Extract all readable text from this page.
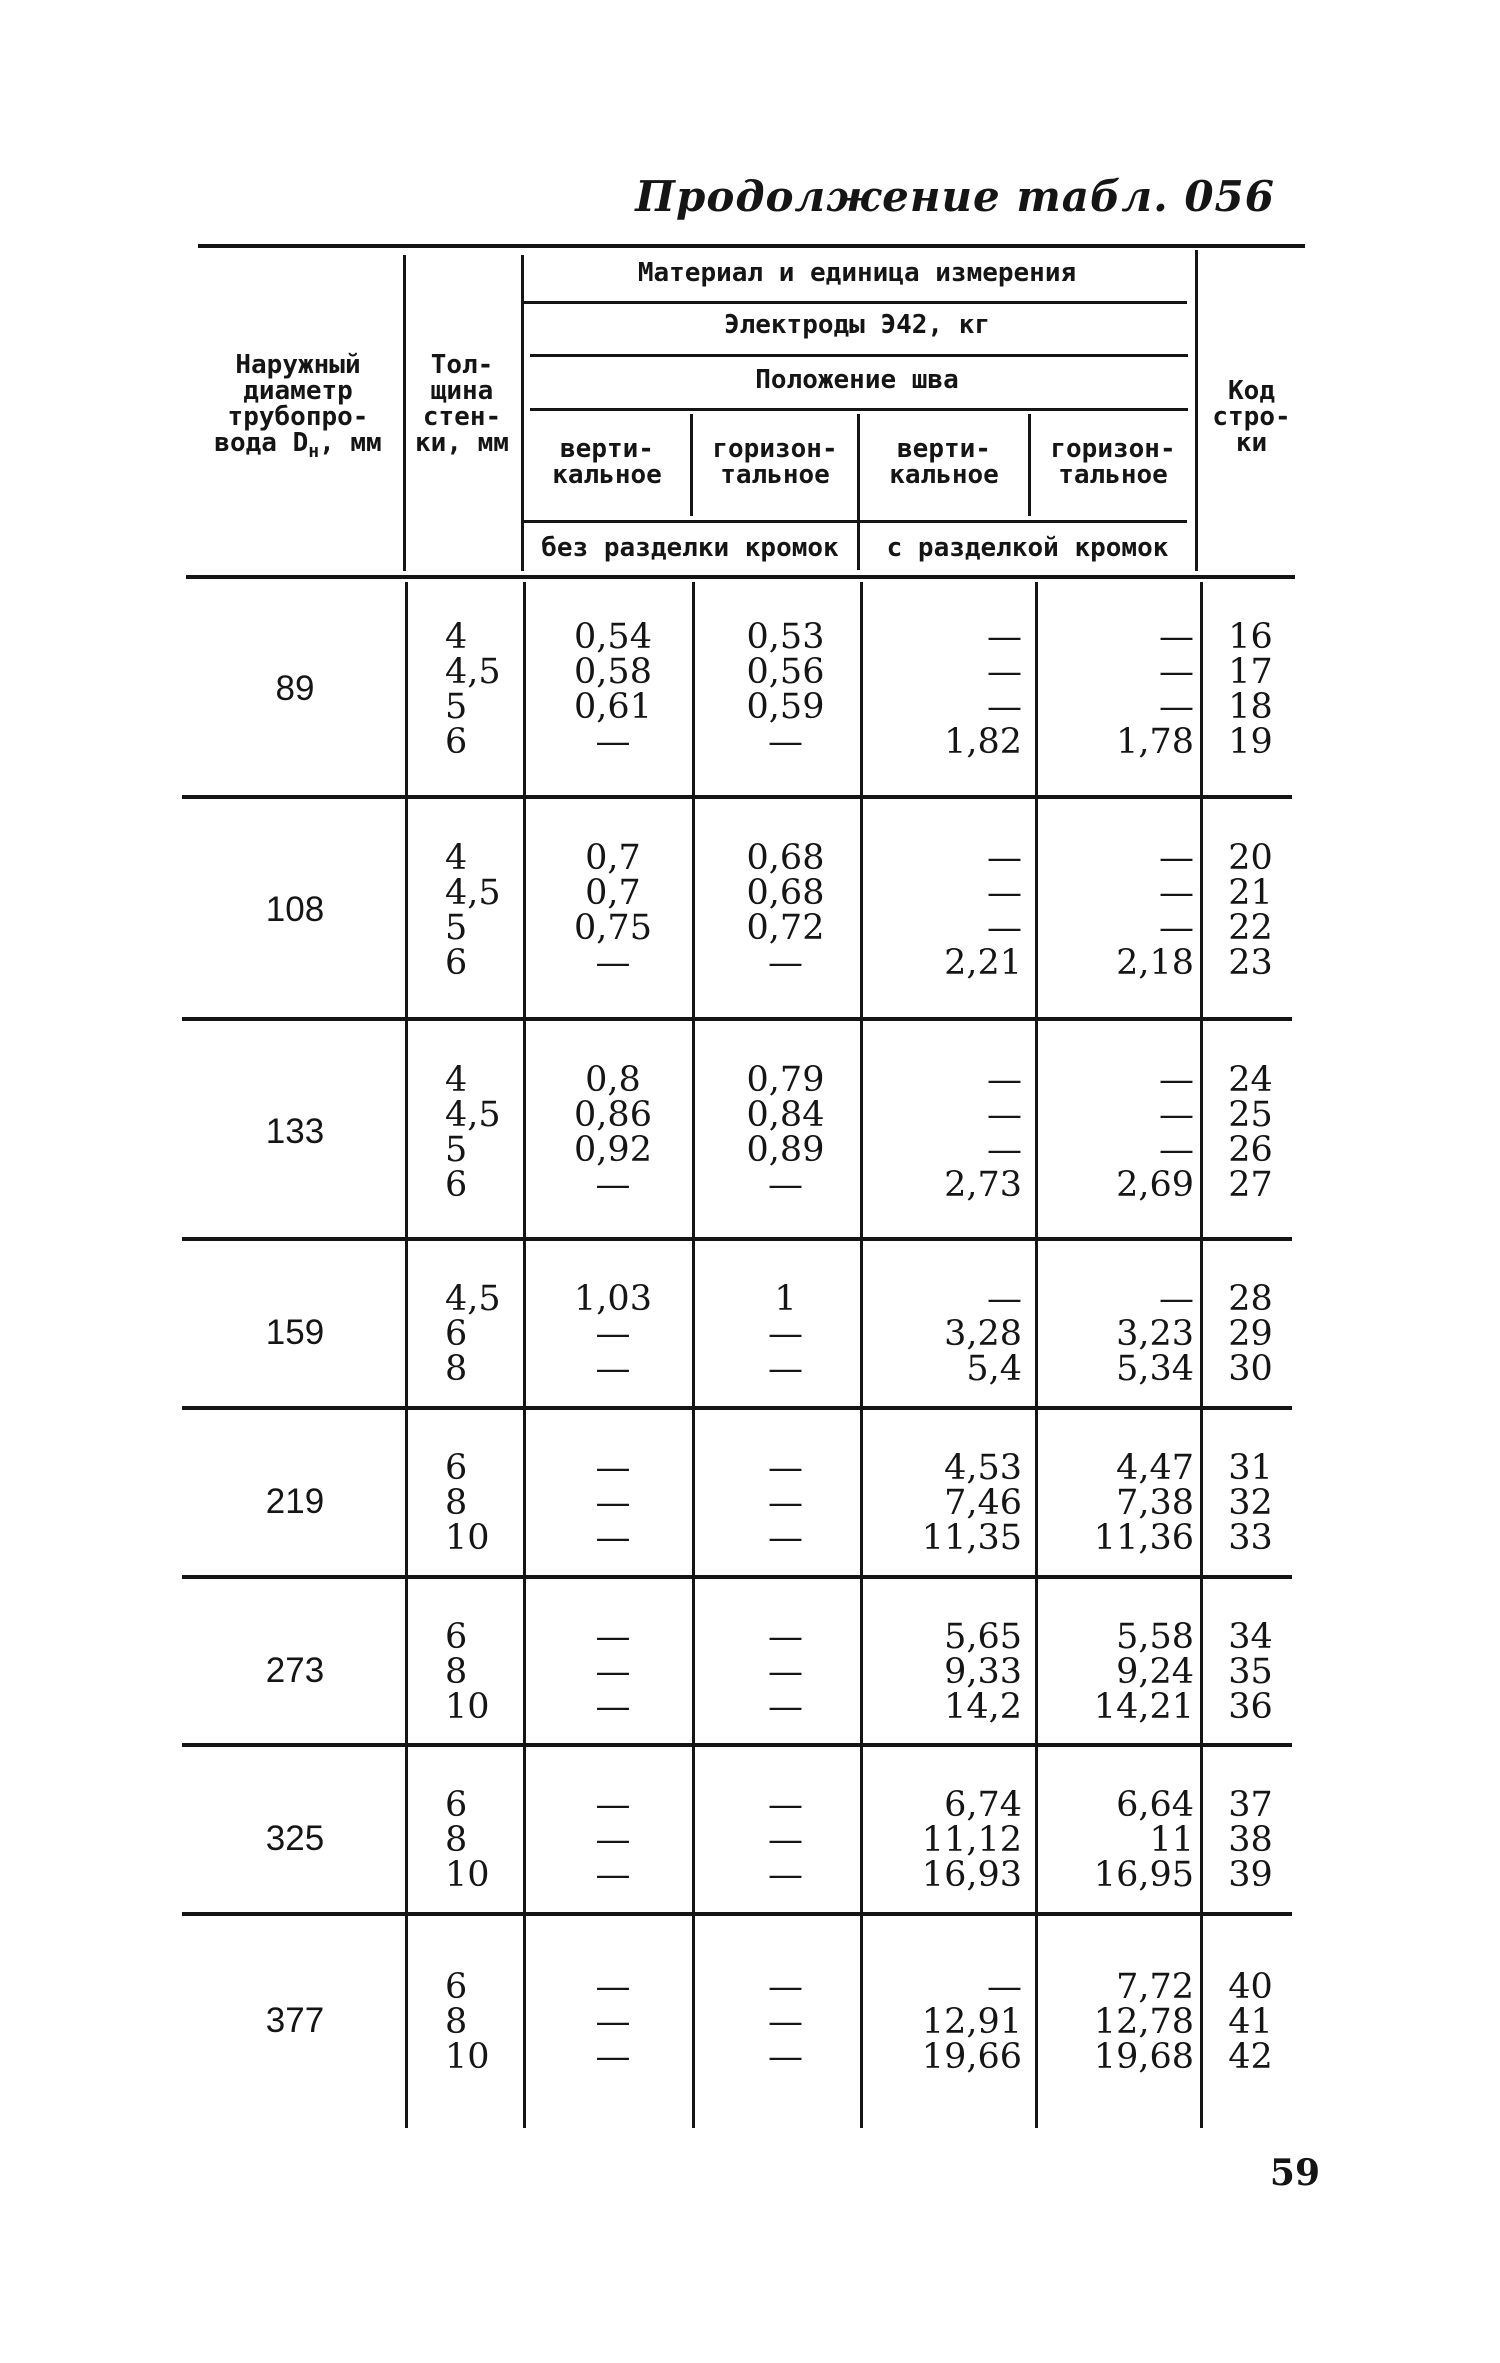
Продолжение табл. 056
Наружный
диаметр
трубопро-
вода $D_н$, мм
Тол-
щина
стен-
ки, мм
Материал и единица измерения
Электроды Э42, кг
Положение шва
верти-
кальное
горизон-
тальное
верти-
кальное
горизон-
тальное
без разделки кромок	с разделкой кромок
Код
стро-
ки
89
4
4,5
5
6
0,54
0,58
0,61
—
0,53
0,56
0,59
—
—
—
—
1,82
—
—
—
1,78
16
17
18
19
108
4
4,5
5
6
0,7
0,7
0,75
—
0,68
0,68
0,72
—
—
—
—
2,21
—
—
—
2,18
20
21
22
23
133
4
4,5
5
6
0,8
0,86
0,92
—
0,79
0,84
0,89
—
—
—
—
2,73
—
—
—
2,69
24
25
26
27
159
4,5
6
8
1,03
—
—
1
—
—
—
3,28
5,4
—
3,23
5,34
28
29
30
219
6
8
10
—
—
—
—
—
—
4,53
7,46
11,35
4,47
7,38
11,36
31
32
33
273
6
8
10
—
—
—
—
—
—
5,65
9,33
14,2
5,58
9,24
14,21
34
35
36
325
6
8
10
—
—
—
—
—
—
6,74
11,12
16,93
6,64
11
16,95
37
38
39
377
6
8
10
—
—
—
—
—
—
—
12,91
19,66
7,72
12,78
19,68
40
41
42
59
